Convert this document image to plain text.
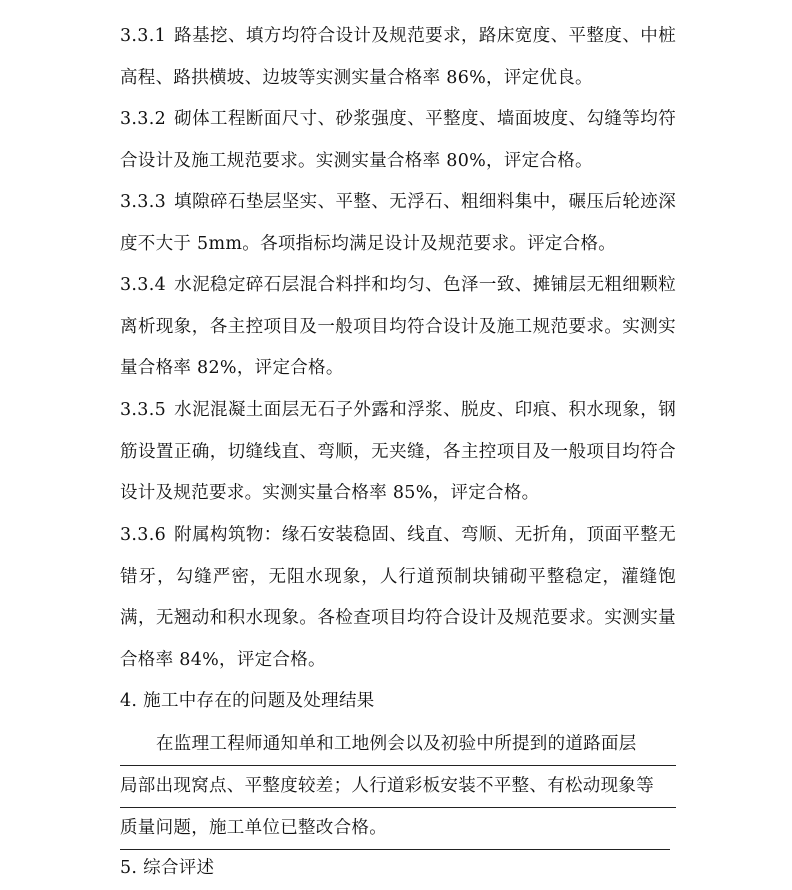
3.3.1 路基挖、填方均符合设计及规范要求，路床宽度、平整度、中桩高程、路拱横坡、边坡等实测实量合格率 86%，评定优良。

3.3.2 砌体工程断面尺寸、砂浆强度、平整度、墙面坡度、勾缝等均符合设计及施工规范要求。实测实量合格率 80%，评定合格。

3.3.3 填隙碎石垫层坚实、平整、无浮石、粗细料集中，碾压后轮迹深度不大于 5mm。各项指标均满足设计及规范要求。评定合格。

3.3.4 水泥稳定碎石层混合料拌和均匀、色泽一致、摊铺层无粗细颗粒离析现象，各主控项目及一般项目均符合设计及施工规范要求。实测实量合格率 82%，评定合格。

3.3.5 水泥混凝土面层无石子外露和浮浆、脱皮、印痕、积水现象，钢筋设置正确，切缝线直、弯顺，无夹缝，各主控项目及一般项目均符合设计及规范要求。实测实量合格率 85%，评定合格。

3.3.6 附属构筑物：缘石安装稳固、线直、弯顺、无折角，顶面平整无错牙，勾缝严密，无阻水现象，人行道预制块铺砌平整稳定，灌缝饱满，无翘动和积水现象。各检查项目均符合设计及规范要求。实测实量合格率 84%，评定合格。

4. 施工中存在的问题及处理结果

在监理工程师通知单和工地例会以及初验中所提到的道路面层
局部出现窝点、平整度较差；人行道彩板安装不平整、有松动现象等
质量问题，施工单位已整改合格。

5. 综合评述
